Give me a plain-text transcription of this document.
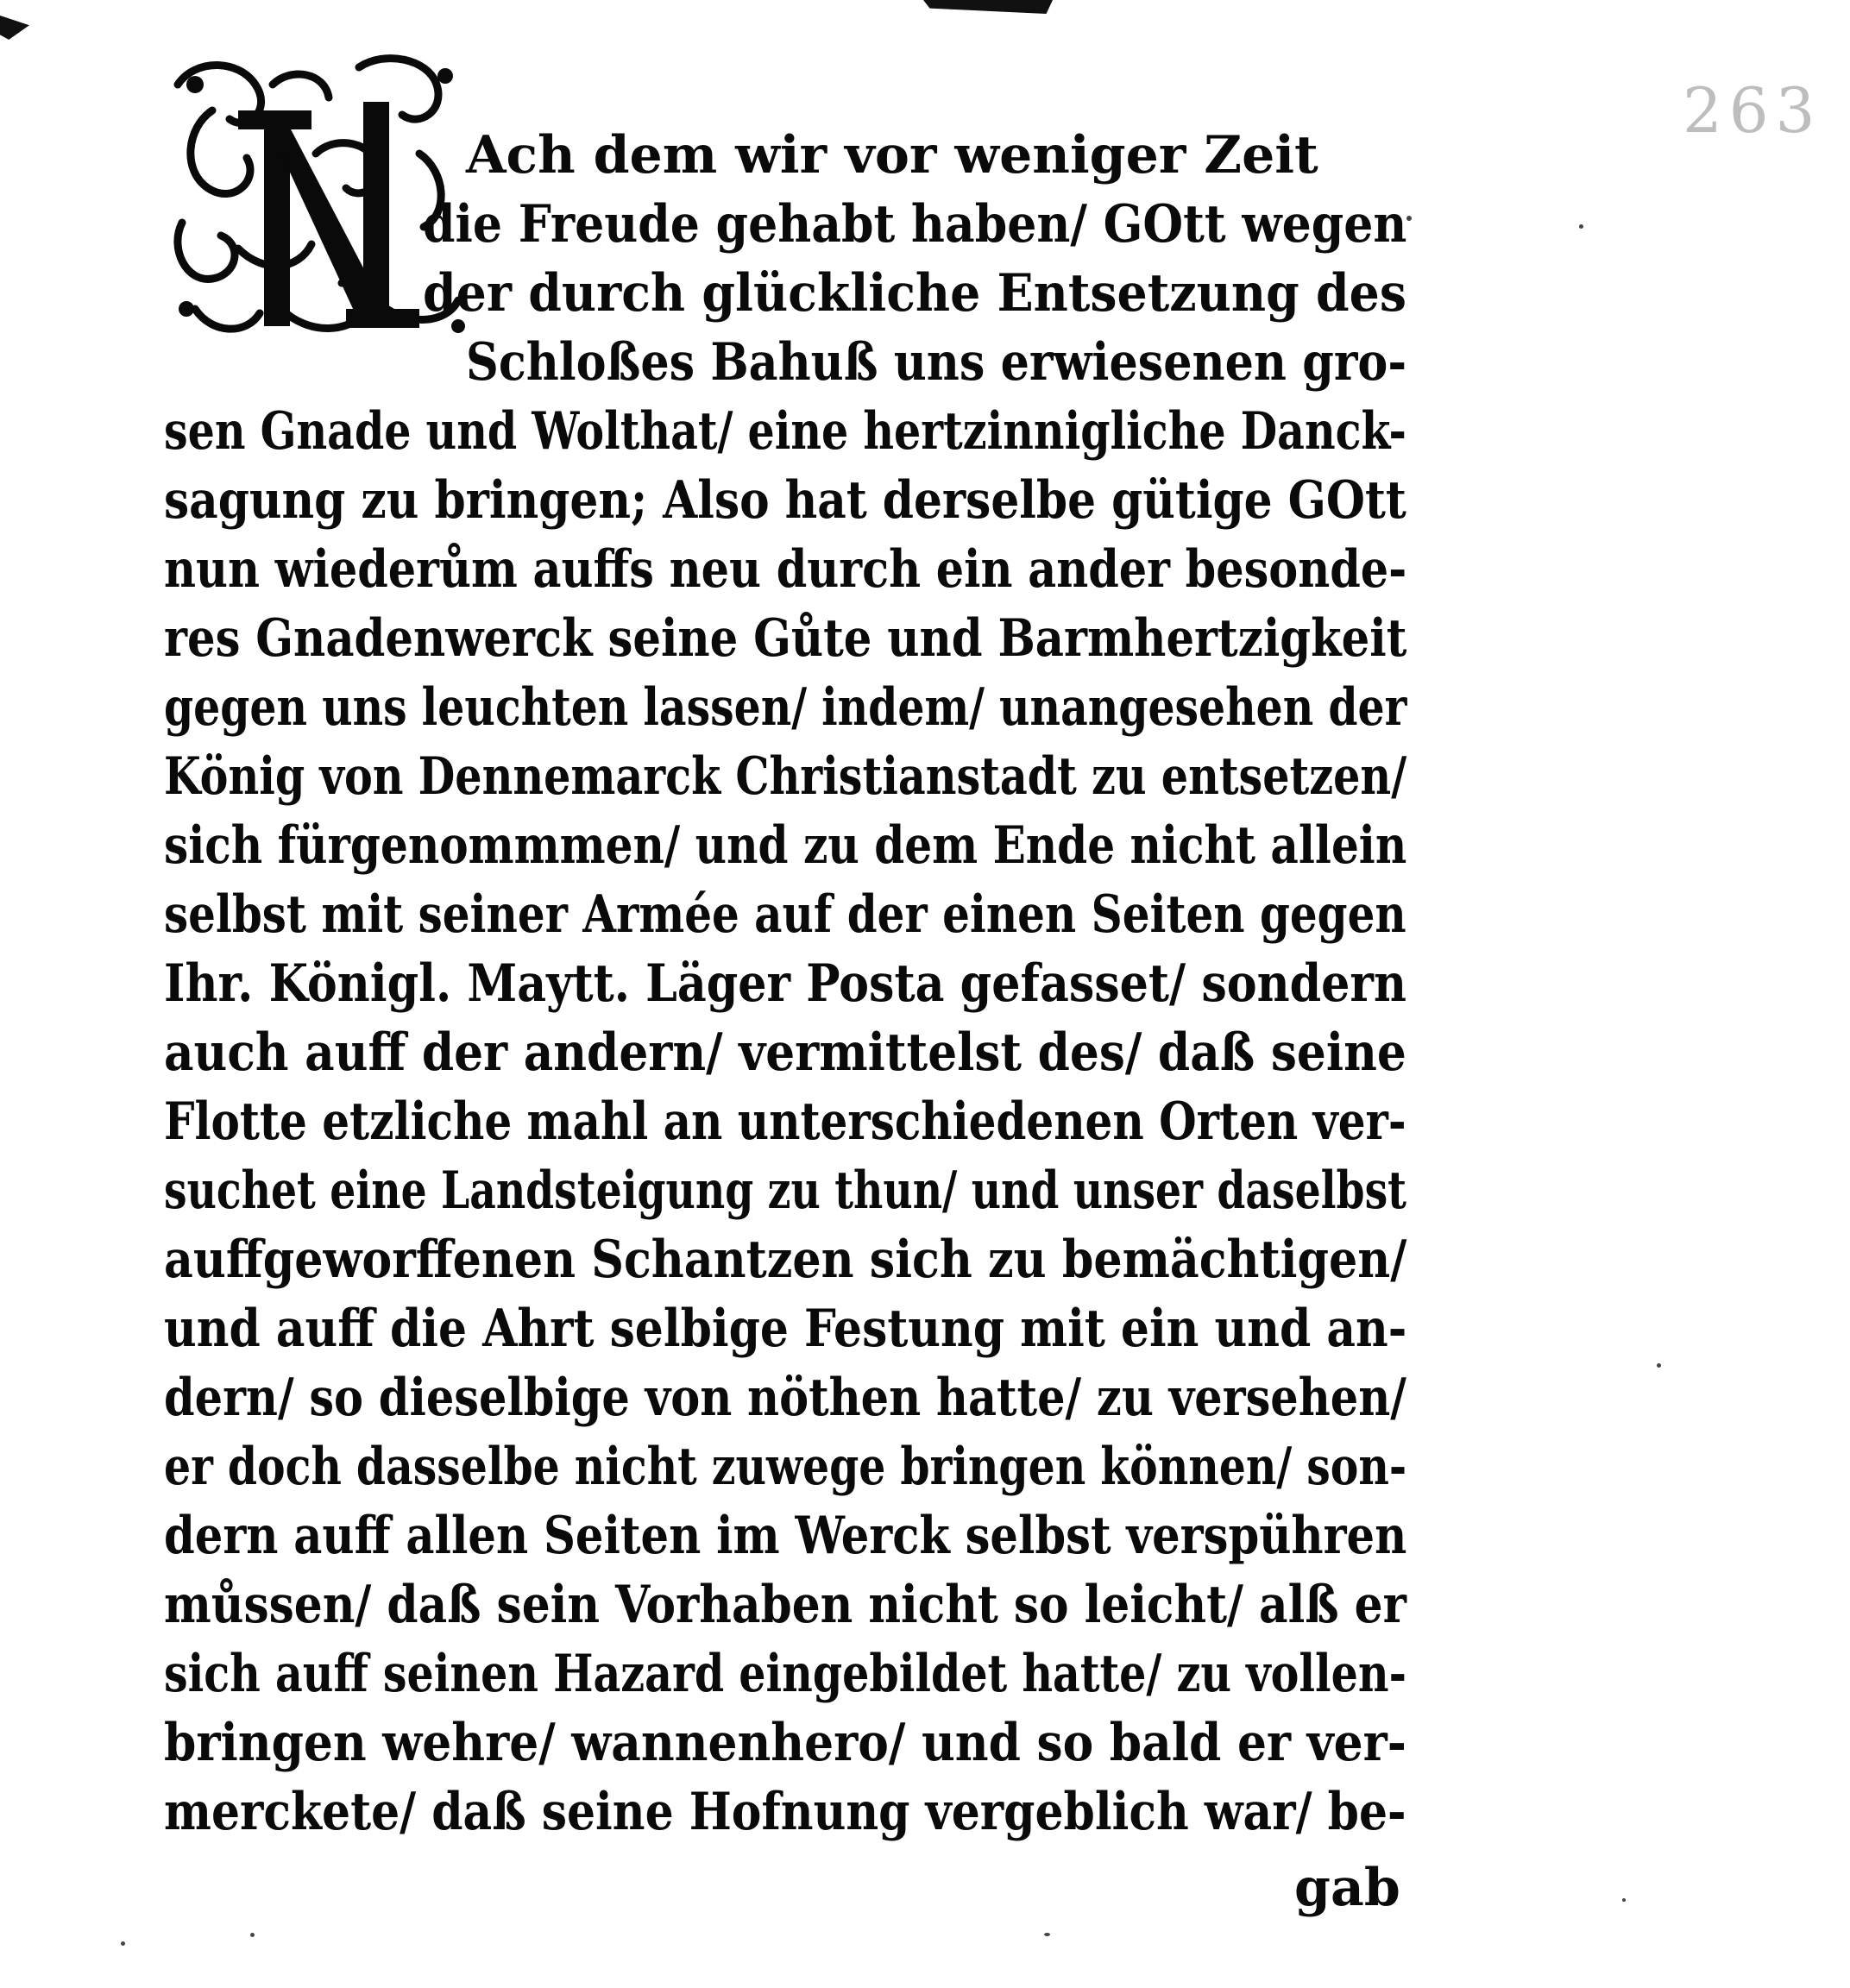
263
Ach dem wir vor weniger Zeit
die Freude gehabt haben/ GOtt wegen
der durch glückliche Entsetzung des
Schloßes Bahuß uns erwiesenen gro-
sen Gnade und Wolthat/ eine hertzinnigliche Danck-
sagung zu bringen; Also hat derselbe gütige GOtt
nun wiederům auffs neu durch ein ander besonde-
res Gnadenwerck seine Gůte und Barmhertzigkeit
gegen uns leuchten lassen/ indem/ unangesehen der
König von Dennemarck Christianstadt zu entsetzen/
sich fürgenommmen/ und zu dem Ende nicht allein
selbst mit seiner Armée auf der einen Seiten gegen
Ihr. Königl. Maytt. Läger Posta gefasset/ sondern
auch auff der andern/ vermittelst des/ daß seine
Flotte etzliche mahl an unterschiedenen Orten ver-
suchet eine Landsteigung zu thun/ und unser daselbst
auffgeworffenen Schantzen sich zu bemächtigen/
und auff die Ahrt selbige Festung mit ein und an-
dern/ so dieselbige von nöthen hatte/ zu versehen/
er doch dasselbe nicht zuwege bringen können/ son-
dern auff allen Seiten im Werck selbst verspühren
můssen/ daß sein Vorhaben nicht so leicht/ alß er
sich auff seinen Hazard eingebildet hatte/ zu vollen-
bringen wehre/ wannenhero/ und so bald er ver-
merckete/ daß seine Hofnung vergeblich war/ be-
gab
